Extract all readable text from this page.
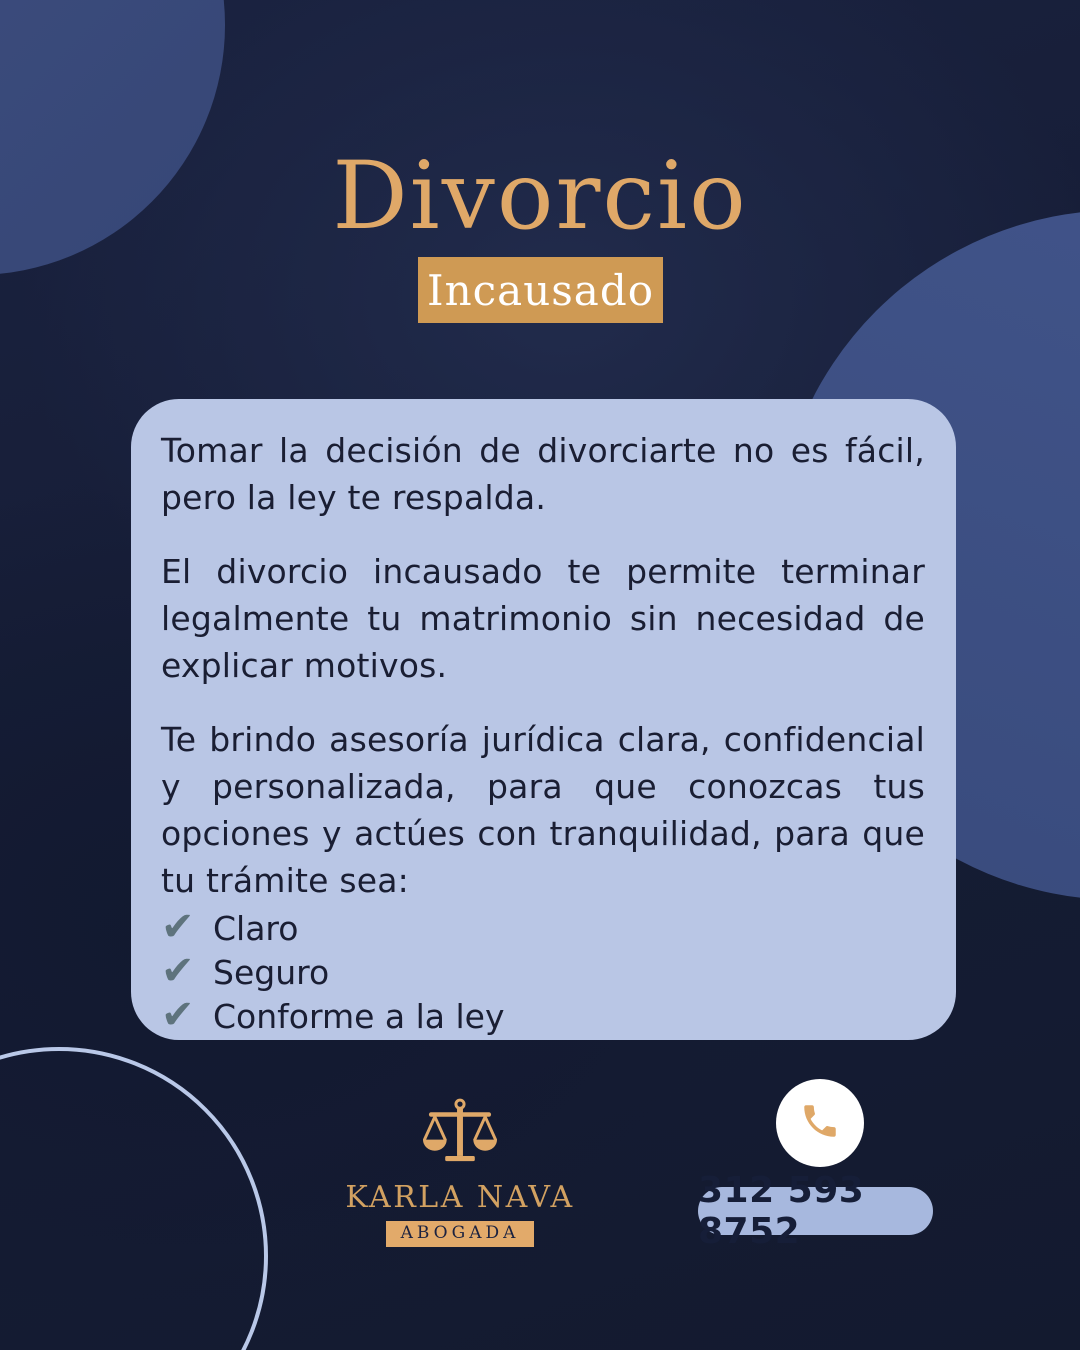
Divorcio
Incausado

Tomar la decisión de divorciarte no es fácil, pero la ley te respalda.

El divorcio incausado te permite terminar legalmente tu matrimonio sin necesidad de explicar motivos.

Te brindo asesoría jurídica clara, confidencial y personalizada, para que conozcas tus opciones y actúes con tranquilidad, para que tu trámite sea:

✔ Claro
✔ Seguro
✔ Conforme a la ley
KARLA NAVA
ABOGADA
312 593 8752
